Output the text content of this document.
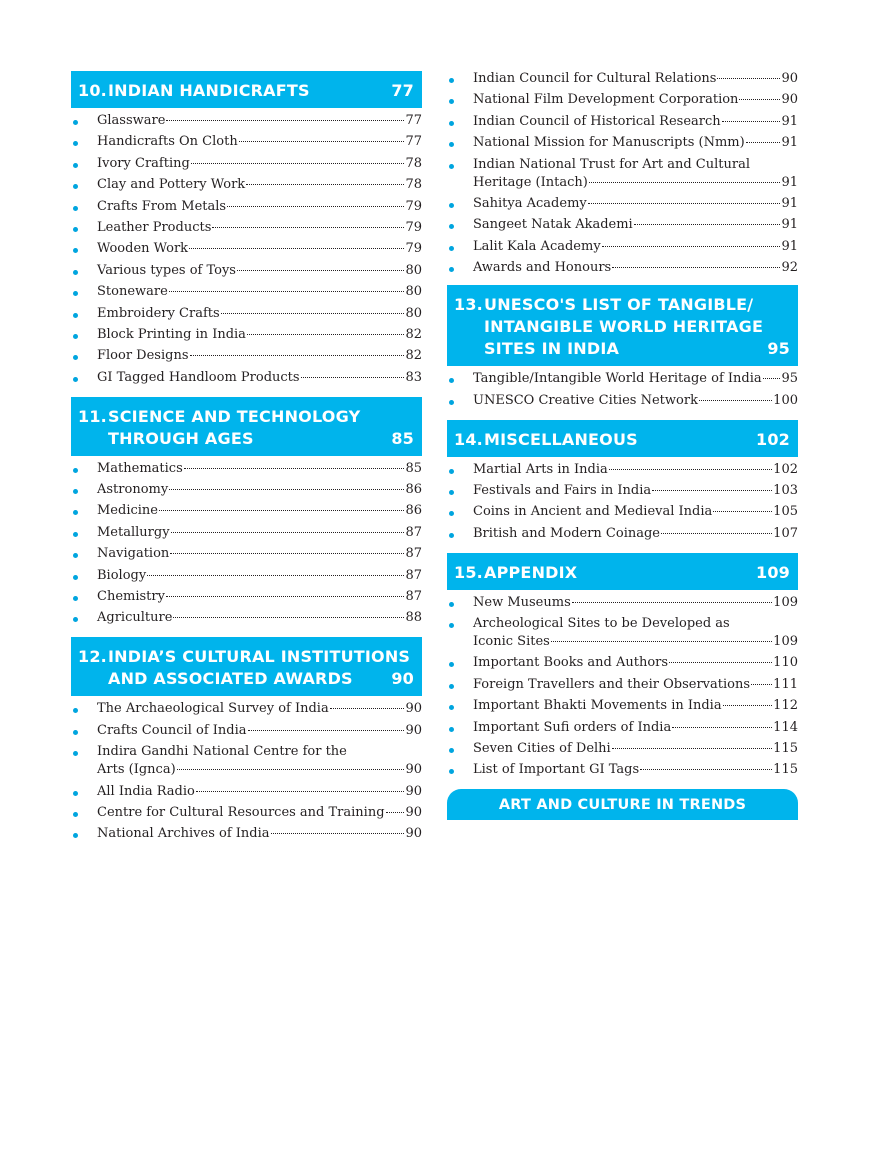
10. INDIAN HANDICRAFTS	77
Glassware	77
Handicrafts On Cloth	77
Ivory Crafting	78
Clay and Pottery Work	78
Crafts From Metals	79
Leather Products	79
Wooden Work	79
Various types of Toys	80
Stoneware	80
Embroidery Crafts	80
Block Printing in India	82
Floor Designs	82
GI Tagged Handloom Products	83
11. SCIENCE AND TECHNOLOGY
THROUGH AGES	85
Mathematics	85
Astronomy	86
Medicine	86
Metallurgy	87
Navigation	87
Biology	87
Chemistry	87
Agriculture	88
12. INDIA’S CULTURAL INSTITUTIONS
AND ASSOCIATED AWARDS 90
The Archaeological Survey of India	90
Crafts Council of India	90
Indira Gandhi National Centre for the
Arts (Ignca)	90
All India Radio	90
Centre for Cultural Resources and Training 90
National Archives of India	90
Indian Council for Cultural Relations	90
National Film Development Corporation	90
Indian Council of Historical Research	91
National Mission for Manuscripts (Nmm)	91
Indian National Trust for Art and Cultural
Heritage (Intach)	91
Sahitya Academy	91
Sangeet Natak Akademi	91
Lalit Kala Academy	91
Awards and Honours	92
13. UNESCO'S LIST OF TANGIBLE/
INTANGIBLE WORLD HERITAGE
SITES IN INDIA	95
Tangible/Intangible World Heritage of India 95
UNESCO Creative Cities Network	100
14. MISCELLANEOUS	102
Martial Arts in India	102
Festivals and Fairs in India	103
Coins in Ancient and Medieval India	105
British and Modern Coinage	107
15. APPENDIX	109
New Museums	109
Archeological Sites to be Developed as
Iconic Sites	109
Important Books and Authors	110
Foreign Travellers and their Observations 111
Important Bhakti Movements in India	112
Important Sufi orders of India	114
Seven Cities of Delhi	115
List of Important GI Tags	115
ART AND CULTURE IN TRENDS
